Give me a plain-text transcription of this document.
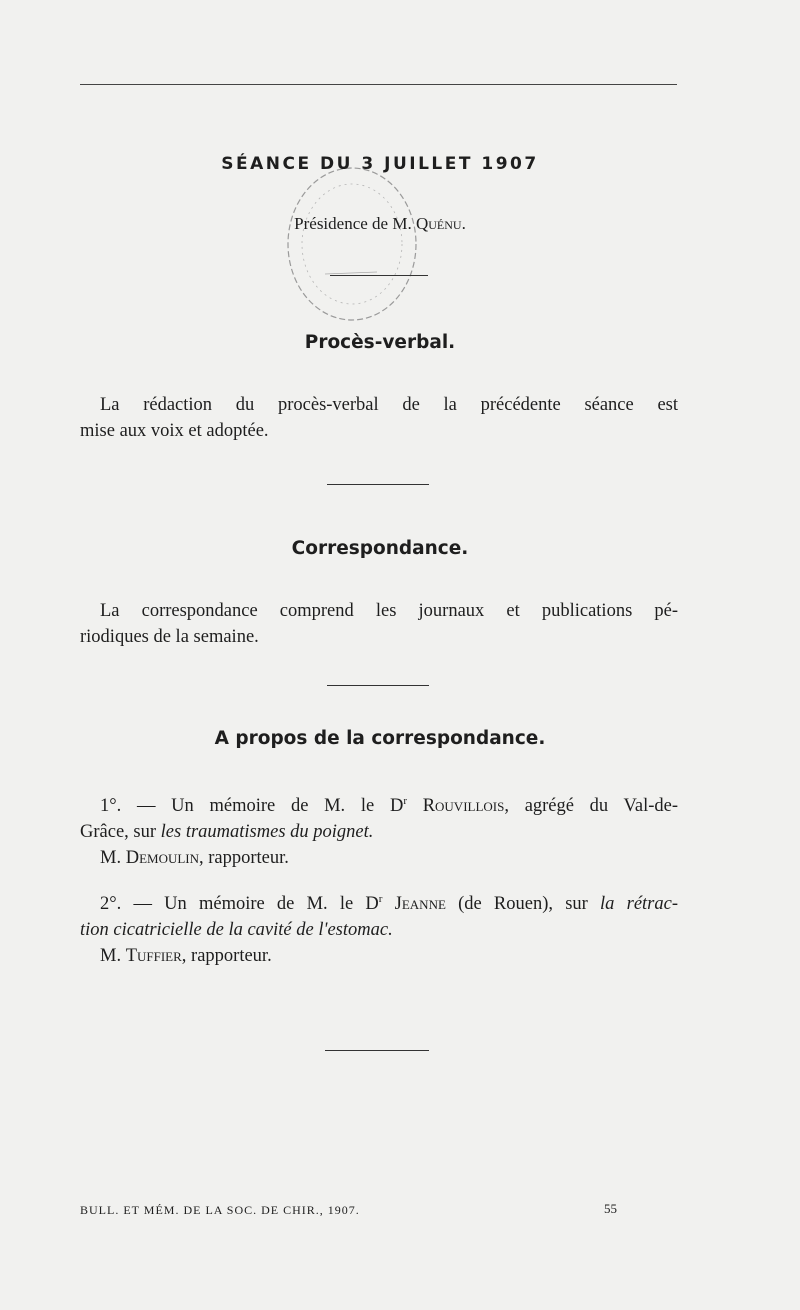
SÉANCE DU 3 JUILLET 1907
Présidence de M. Quénu.
Procès-verbal.

La rédaction du procès-verbal de la précédente séance est

mise aux voix et adoptée.

Correspondance.

La correspondance comprend les journaux et publications pé-

riodiques de la semaine.

A propos de la correspondance.

1°. — Un mémoire de M. le $D^r$ Rouvillois, agrégé du Val-de-

Grâce, sur les traumatismes du poignet.

M. Demoulin, rapporteur.

2°. — Un mémoire de M. le $D^r$ Jeanne (de Rouen), sur la rétrac-

tion cicatricielle de la cavité de l'estomac.

M. Tuffier, rapporteur.

BULL. ET MÉM. DE LA SOC. DE CHIR., 1907.	55
